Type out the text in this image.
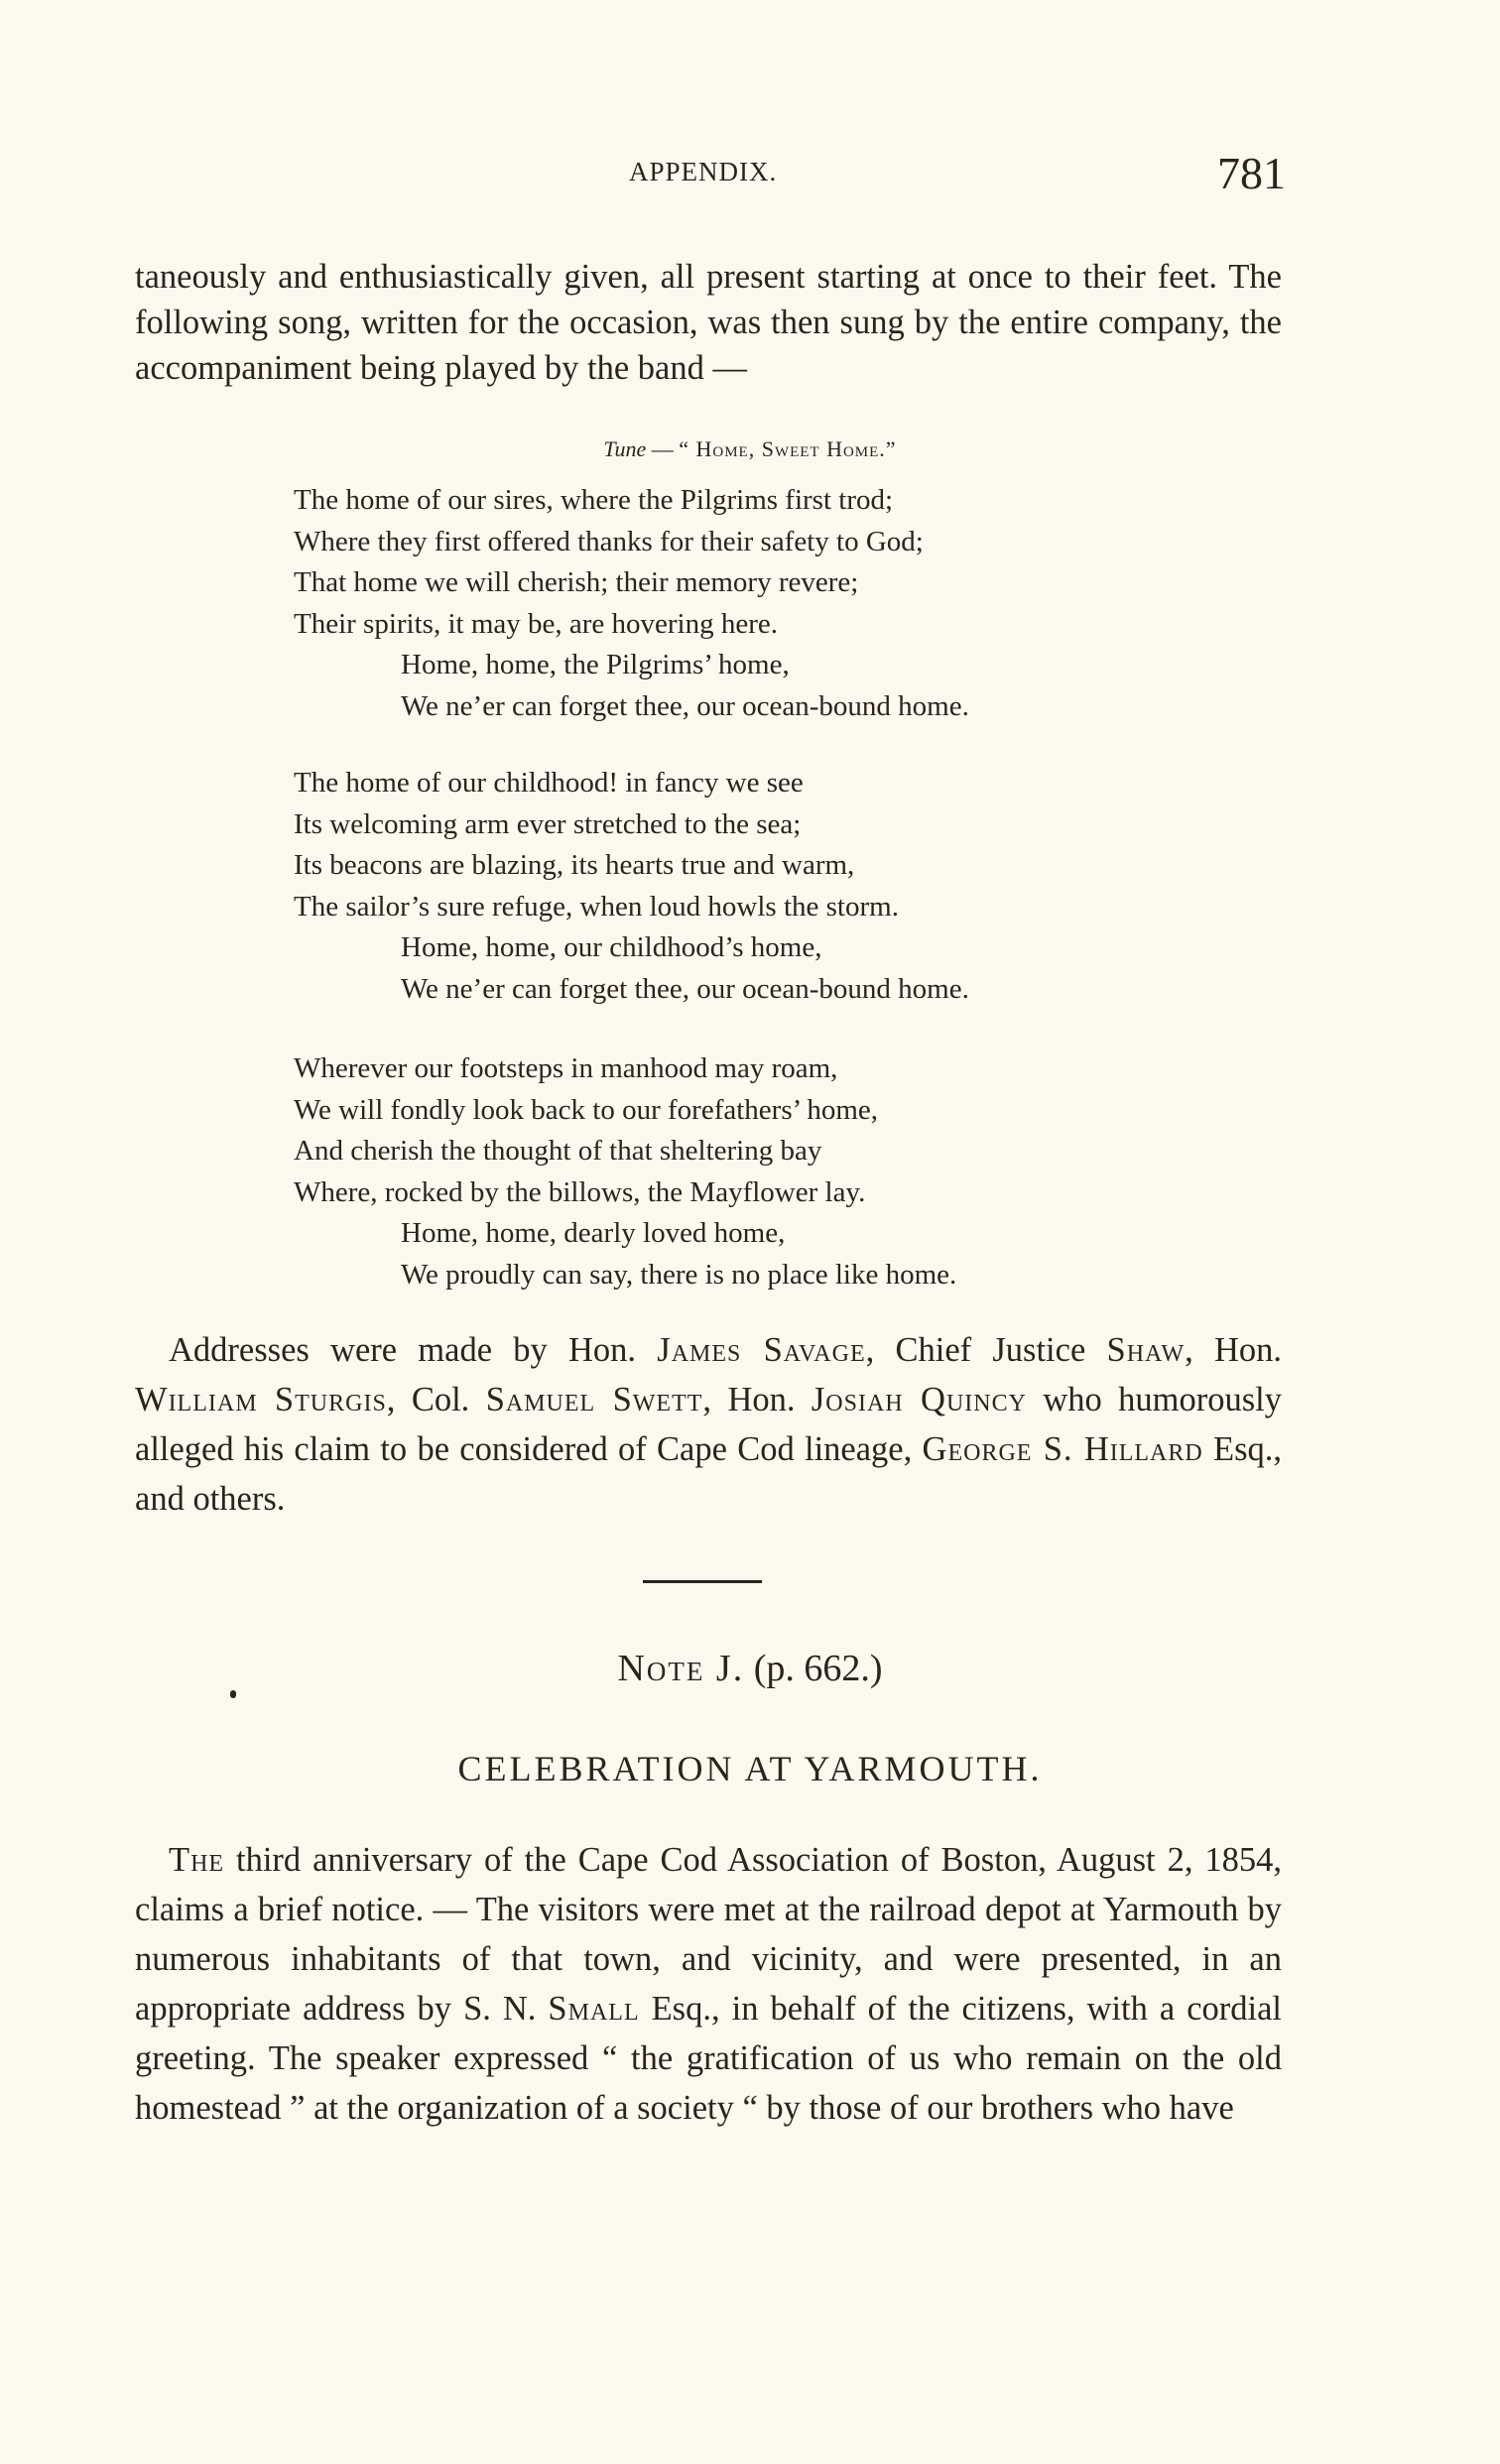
APPENDIX.	781

taneously and enthusiastically given, all present starting at once to their feet. The following song, written for the occasion, was then sung by the entire company, the accompaniment being played by the band —

Tune — “ Home, Sweet Home.”
The home of our sires, where the Pilgrims first trod;
Where they first offered thanks for their safety to God;
That home we will cherish; their memory revere;
Their spirits, it may be, are hovering here.
Home, home, the Pilgrims’ home,
We ne’er can forget thee, our ocean-bound home.
The home of our childhood! in fancy we see
Its welcoming arm ever stretched to the sea;
Its beacons are blazing, its hearts true and warm,
The sailor’s sure refuge, when loud howls the storm.
Home, home, our childhood’s home,
We ne’er can forget thee, our ocean-bound home.
Wherever our footsteps in manhood may roam,
We will fondly look back to our forefathers’ home,
And cherish the thought of that sheltering bay
Where, rocked by the billows, the Mayflower lay.
Home, home, dearly loved home,
We proudly can say, there is no place like home.

Addresses were made by Hon. James Savage, Chief Justice Shaw, Hon. William Sturgis, Col. Samuel Swett, Hon. Josiah Quincy who humorously alleged his claim to be considered of Cape Cod lineage, George S. Hillard Esq., and others.

Note J. (p. 662.)
CELEBRATION AT YARMOUTH.

The third anniversary of the Cape Cod Association of Boston, August 2, 1854, claims a brief notice. — The visitors were met at the railroad depot at Yarmouth by numerous inhabitants of that town, and vicinity, and were presented, in an appropriate address by S. N. Small Esq., in behalf of the citizens, with a cordial greeting. The speaker expressed “ the gratification of us who remain on the old homestead ” at the organization of a society “ by those of our brothers who have
